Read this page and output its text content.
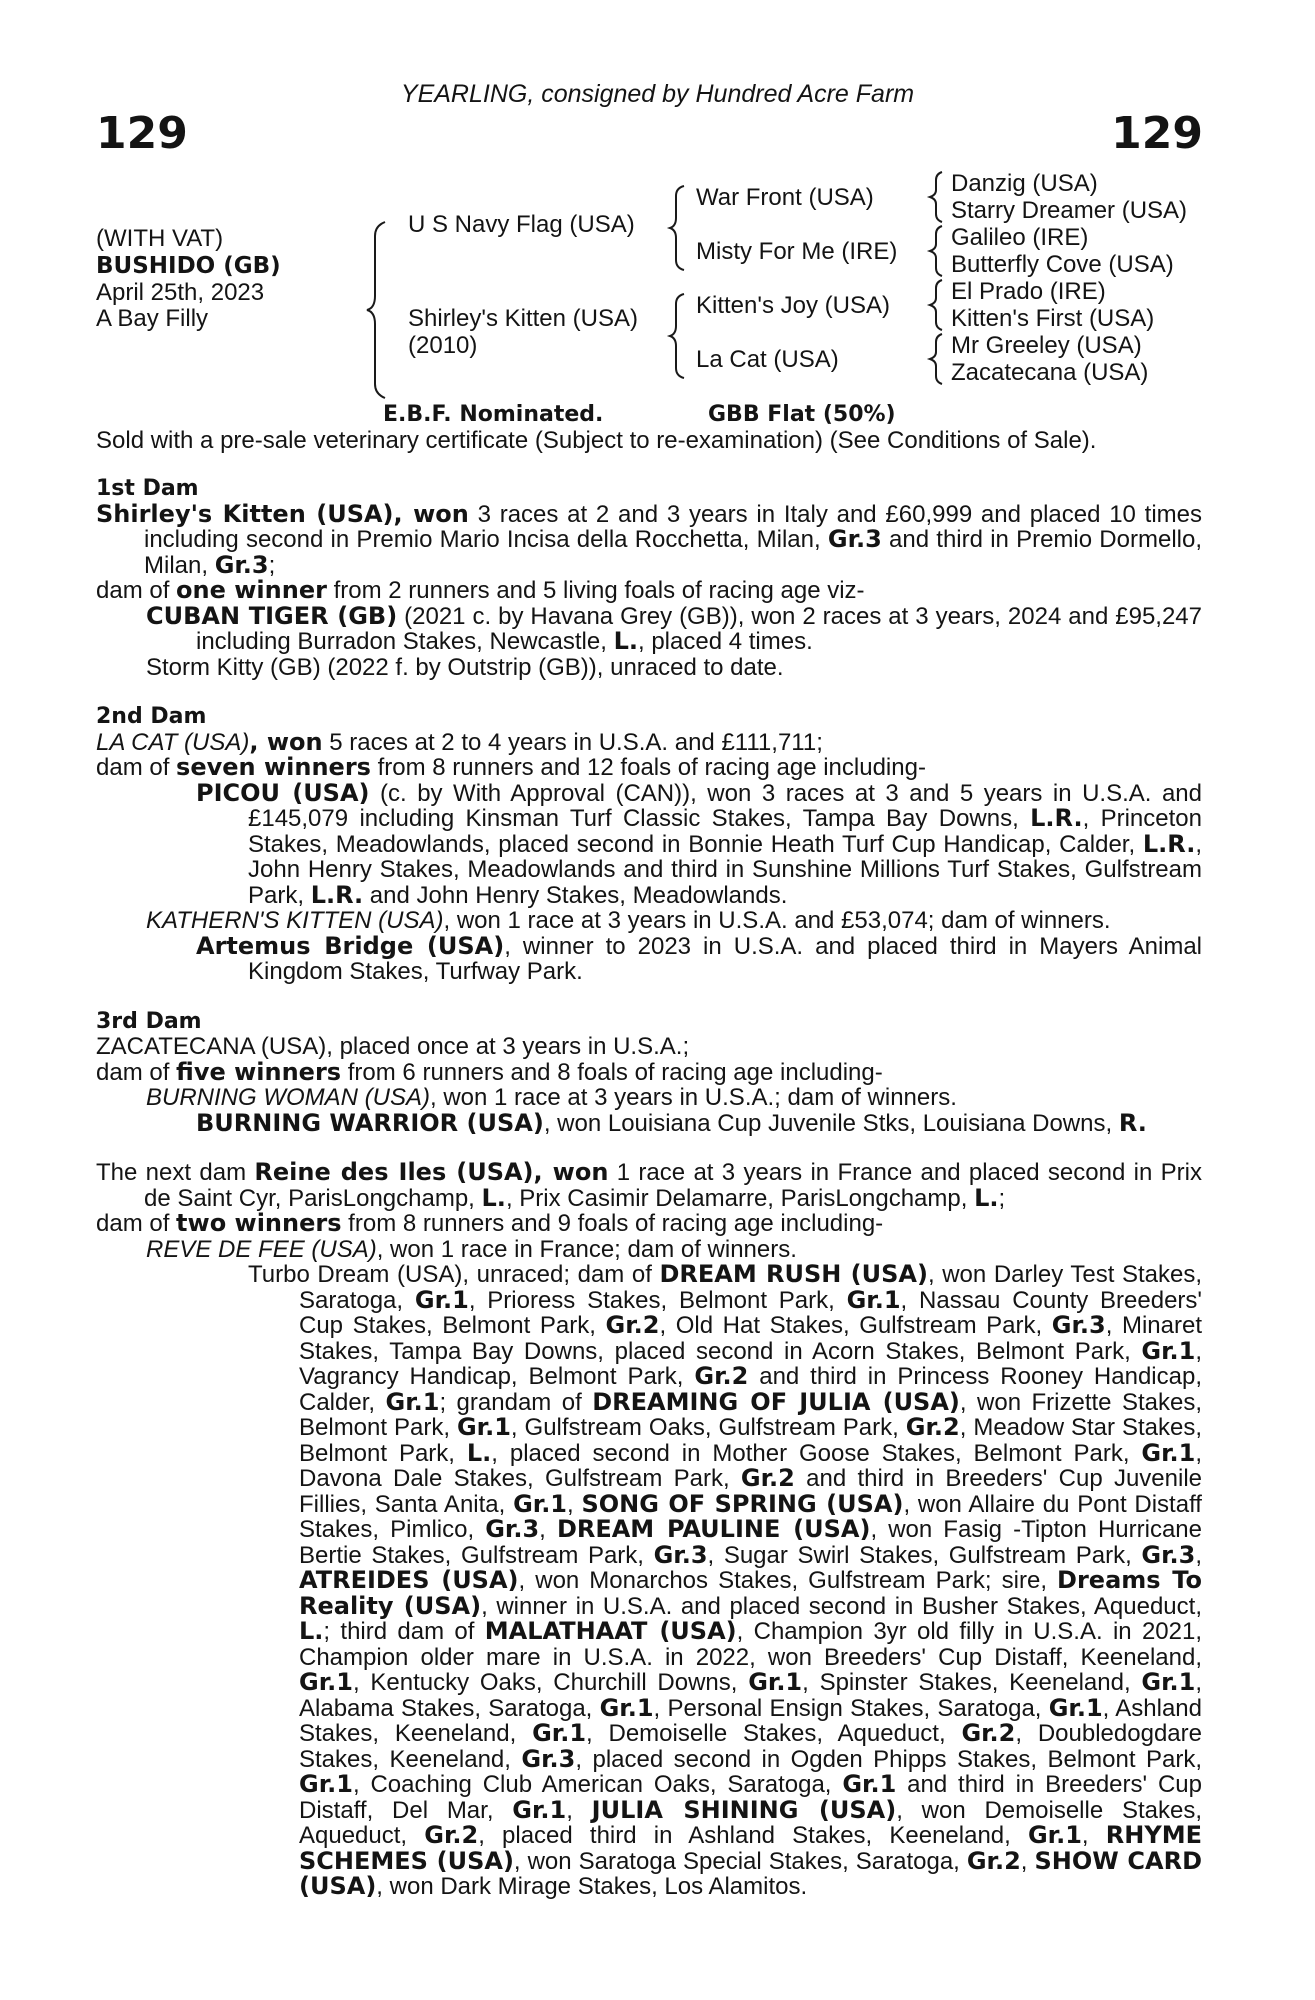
129	129
YEARLING, consigned by Hundred Acre Farm
(WITH VAT)
BUSHIDO (GB)
April 25th, 2023
A Bay Filly
U S Navy Flag (USA)
Shirley's Kitten (USA)
(2010)
War Front (USA)
Misty For Me (IRE)
Kitten's Joy (USA)
La Cat (USA)
Danzig (USA)
Starry Dreamer (USA)
Galileo (IRE)
Butterfly Cove (USA)
El Prado (IRE)
Kitten's First (USA)
Mr Greeley (USA)
Zacatecana (USA)
E.B.F. Nominated.	GBB Flat (50%)
Sold with a pre-sale veterinary certificate (Subject to re-examination) (See Conditions of Sale).

1st Dam

Shirley's Kitten (USA), won 3 races at 2 and 3 years in Italy and £60,999 and placed 10 times including second in Premio Mario Incisa della Rocchetta, Milan, Gr.3 and third in Premio Dormello, Milan, Gr.3;

dam of one winner from 2 runners and 5 living foals of racing age viz-

CUBAN TIGER (GB) (2021 c. by Havana Grey (GB)), won 2 races at 3 years, 2024 and £95,247 including Burradon Stakes, Newcastle, L., placed 4 times.

Storm Kitty (GB) (2022 f. by Outstrip (GB)), unraced to date.

2nd Dam

LA CAT (USA), won 5 races at 2 to 4 years in U.S.A. and £111,711;

dam of seven winners from 8 runners and 12 foals of racing age including-

PICOU (USA) (c. by With Approval (CAN)), won 3 races at 3 and 5 years in U.S.A. and £145,079 including Kinsman Turf Classic Stakes, Tampa Bay Downs, L.R., Princeton Stakes, Meadowlands, placed second in Bonnie Heath Turf Cup Handicap, Calder, L.R., John Henry Stakes, Meadowlands and third in Sunshine Millions Turf Stakes, Gulfstream Park, L.R. and John Henry Stakes, Meadowlands.

KATHERN'S KITTEN (USA), won 1 race at 3 years in U.S.A. and £53,074; dam of winners.

Artemus Bridge (USA), winner to 2023 in U.S.A. and placed third in Mayers Animal Kingdom Stakes, Turfway Park.

3rd Dam

ZACATECANA (USA), placed once at 3 years in U.S.A.;

dam of five winners from 6 runners and 8 foals of racing age including-

BURNING WOMAN (USA), won 1 race at 3 years in U.S.A.; dam of winners.

BURNING WARRIOR (USA), won Louisiana Cup Juvenile Stks, Louisiana Downs, R.

The next dam Reine des Iles (USA), won 1 race at 3 years in France and placed second in Prix de Saint Cyr, ParisLongchamp, L., Prix Casimir Delamarre, ParisLongchamp, L.;

dam of two winners from 8 runners and 9 foals of racing age including-

REVE DE FEE (USA), won 1 race in France; dam of winners.

Turbo Dream (USA), unraced; dam of DREAM RUSH (USA), won Darley Test Stakes, Saratoga, Gr.1, Prioress Stakes, Belmont Park, Gr.1, Nassau County Breeders' Cup Stakes, Belmont Park, Gr.2, Old Hat Stakes, Gulfstream Park, Gr.3, Minaret Stakes, Tampa Bay Downs, placed second in Acorn Stakes, Belmont Park, Gr.1, Vagrancy Handicap, Belmont Park, Gr.2 and third in Princess Rooney Handicap, Calder, Gr.1; grandam of DREAMING OF JULIA (USA), won Frizette Stakes, Belmont Park, Gr.1, Gulfstream Oaks, Gulfstream Park, Gr.2, Meadow Star Stakes, Belmont Park, L., placed second in Mother Goose Stakes, Belmont Park, Gr.1, Davona Dale Stakes, Gulfstream Park, Gr.2 and third in Breeders' Cup Juvenile Fillies, Santa Anita, Gr.1, SONG OF SPRING (USA), won Allaire du Pont Distaff Stakes, Pimlico, Gr.3, DREAM PAULINE (USA), won Fasig -Tipton Hurricane Bertie Stakes, Gulfstream Park, Gr.3, Sugar Swirl Stakes, Gulfstream Park, Gr.3, ATREIDES (USA), won Monarchos Stakes, Gulfstream Park; sire, Dreams To Reality (USA), winner in U.S.A. and placed second in Busher Stakes, Aqueduct, L.; third dam of MALATHAAT (USA), Champion 3yr old filly in U.S.A. in 2021, Champion older mare in U.S.A. in 2022, won Breeders' Cup Distaff, Keeneland, Gr.1, Kentucky Oaks, Churchill Downs, Gr.1, Spinster Stakes, Keeneland, Gr.1, Alabama Stakes, Saratoga, Gr.1, Personal Ensign Stakes, Saratoga, Gr.1, Ashland Stakes, Keeneland, Gr.1, Demoiselle Stakes, Aqueduct, Gr.2, Doubledogdare Stakes, Keeneland, Gr.3, placed second in Ogden Phipps Stakes, Belmont Park, Gr.1, Coaching Club American Oaks, Saratoga, Gr.1 and third in Breeders' Cup Distaff, Del Mar, Gr.1, JULIA SHINING (USA), won Demoiselle Stakes, Aqueduct, Gr.2, placed third in Ashland Stakes, Keeneland, Gr.1, RHYME SCHEMES (USA), won Saratoga Special Stakes, Saratoga, Gr.2, SHOW CARD (USA), won Dark Mirage Stakes, Los Alamitos.
